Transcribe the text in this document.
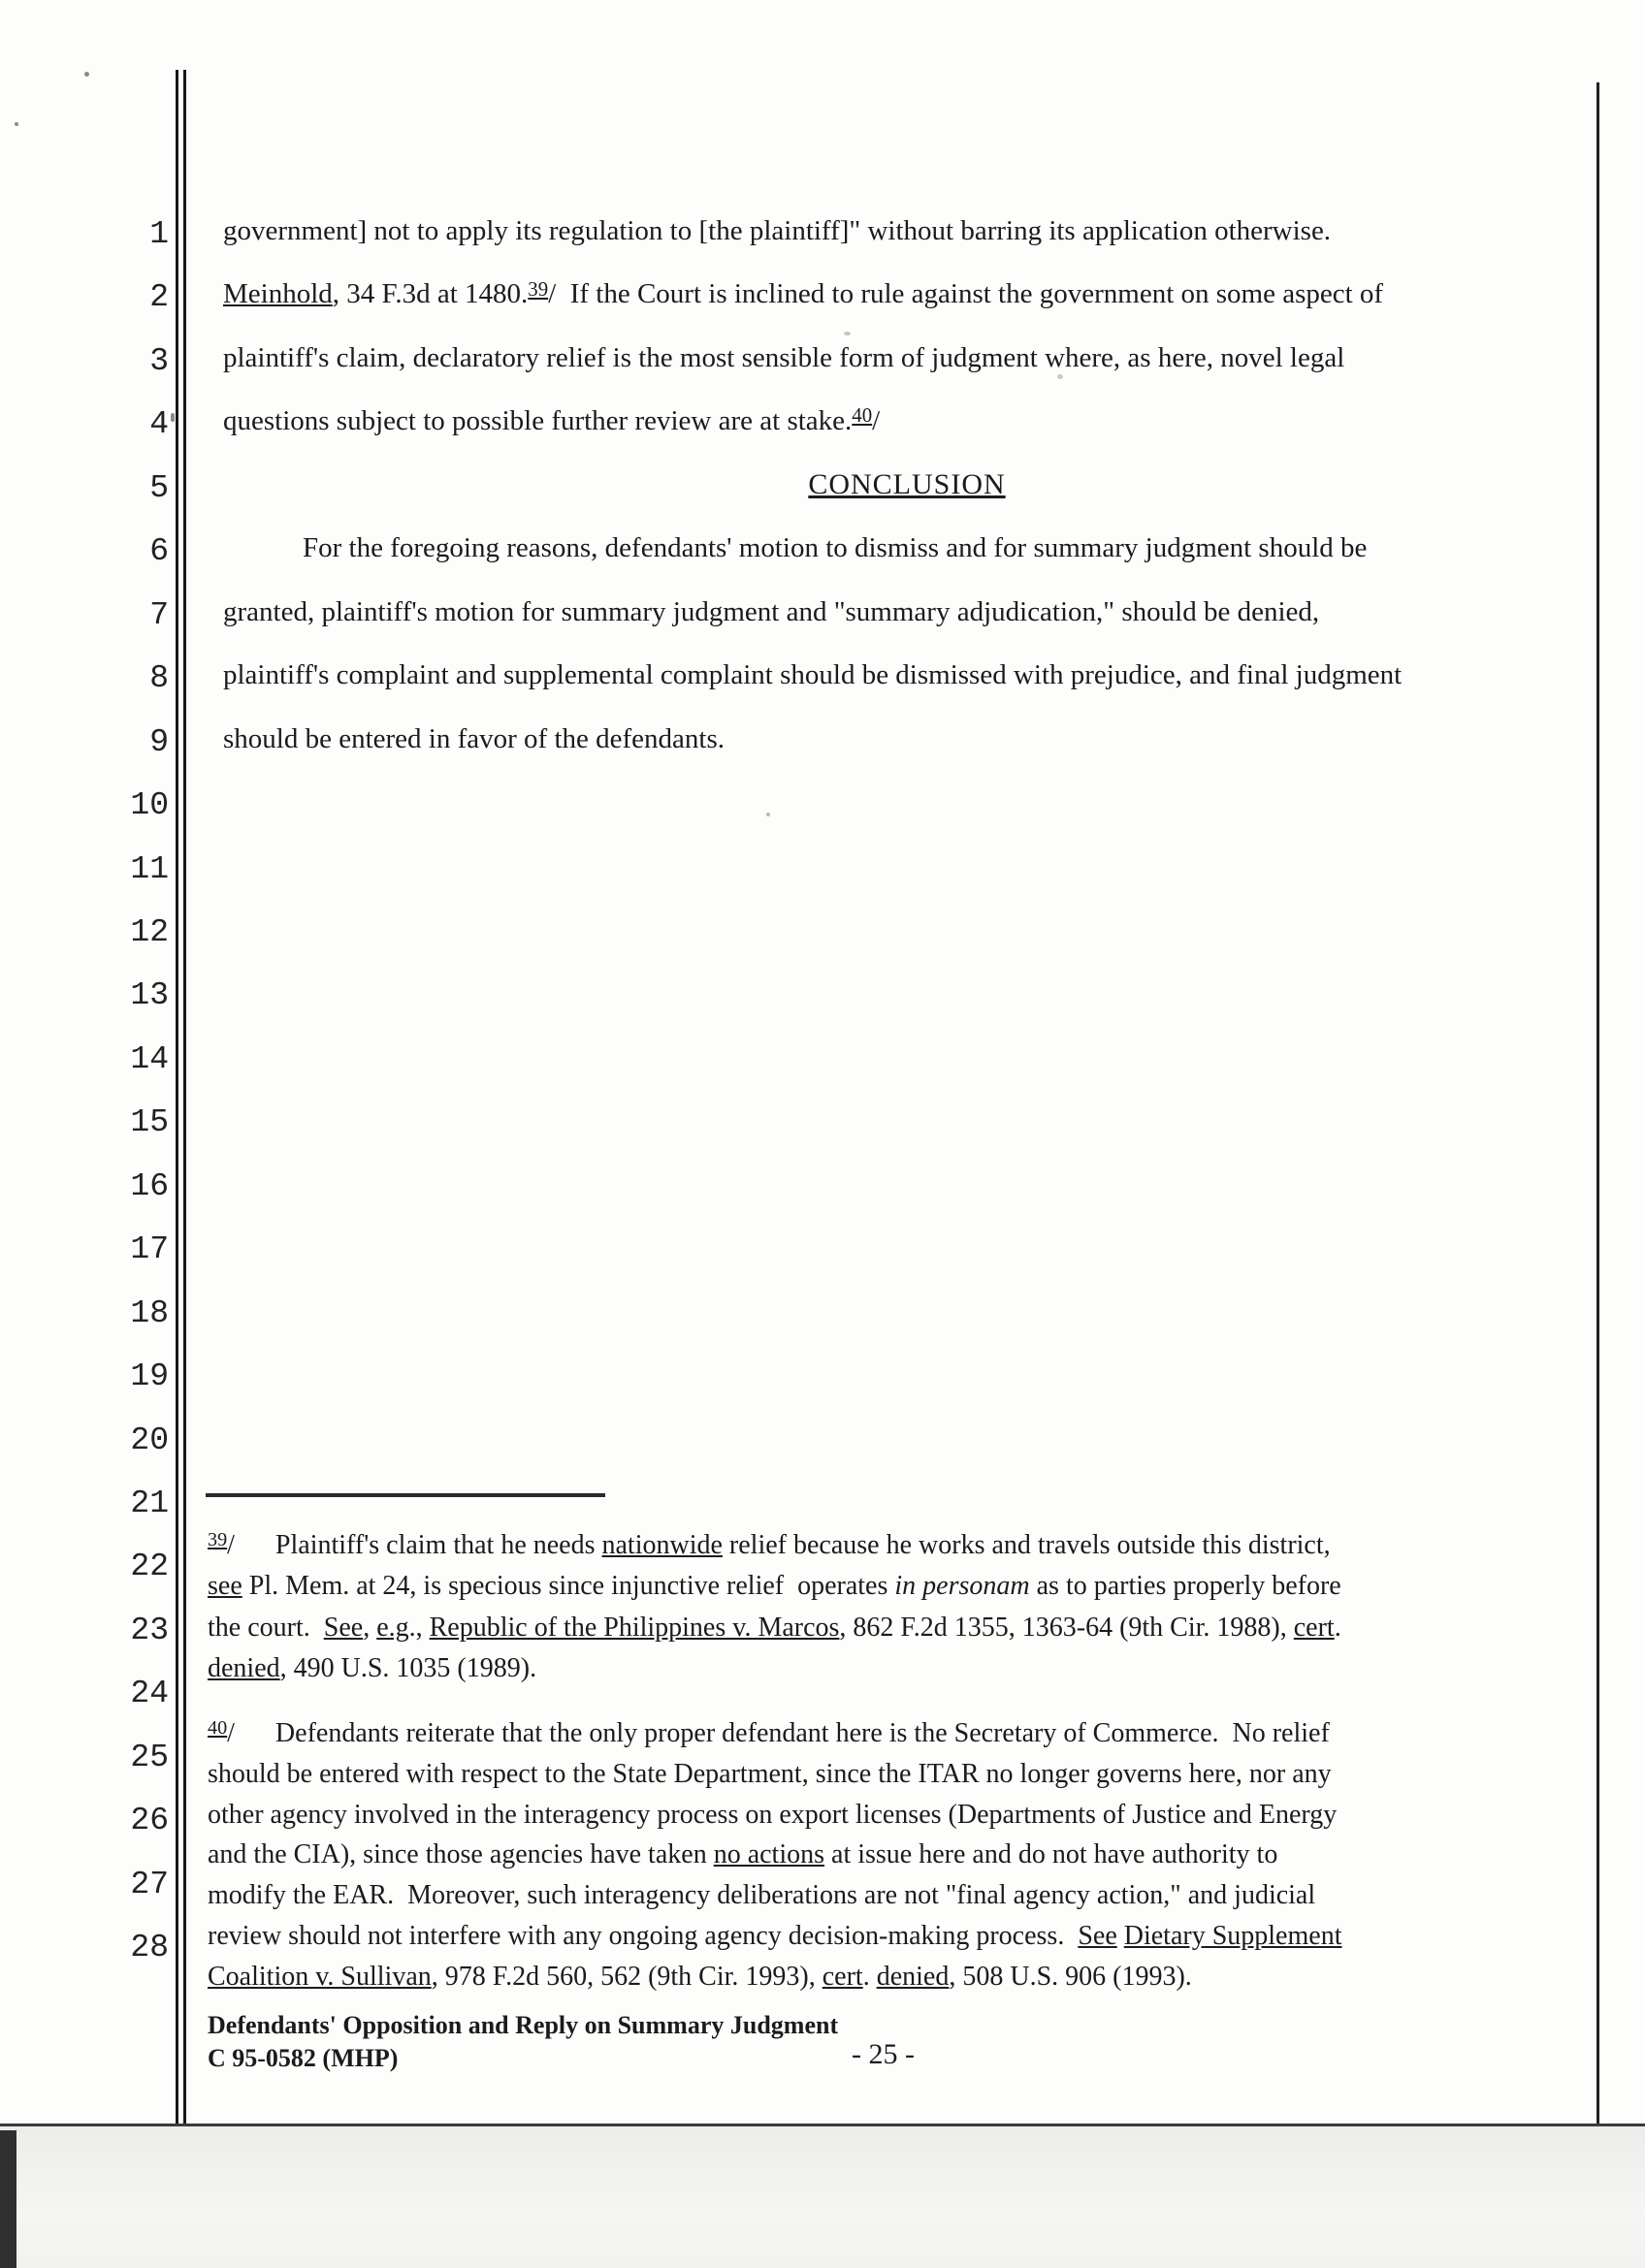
1
2
3
4
5
6
7
8
9
10
11
12
13
14
15
16
17
18
19
20
21
22
23
24
25
26
27
28
government] not to apply its regulation to [the plaintiff]" without barring its application otherwise.
Meinhold, 34 F.3d at 1480.39/  If the Court is inclined to rule against the government on some aspect of
plaintiff's claim, declaratory relief is the most sensible form of judgment where, as here, novel legal
questions subject to possible further review are at stake.$^{40}$/
CONCLUSION
For the foregoing reasons, defendants' motion to dismiss and for summary judgment should be
granted, plaintiff's motion for summary judgment and "summary adjudication," should be denied,
plaintiff's complaint and supplemental complaint should be dismissed with prejudice, and final judgment
should be entered in favor of the defendants.
$^{39}$/      Plaintiff's claim that he needs nationwide relief because he works and travels outside this district,
see Pl. Mem. at 24, is specious since injunctive relief  operates in personam as to parties properly before
the court.  See, e.g., Republic of the Philippines v. Marcos, 862 F.2d 1355, 1363-64 (9th Cir. 1988), cert.
denied, 490 U.S. 1035 (1989).
$^{40}$/      Defendants reiterate that the only proper defendant here is the Secretary of Commerce.  No relief
should be entered with respect to the State Department, since the ITAR no longer governs here, nor any
other agency involved in the interagency process on export licenses (Departments of Justice and Energy
and the CIA), since those agencies have taken no actions at issue here and do not have authority to
modify the EAR.  Moreover, such interagency deliberations are not "final agency action," and judicial
review should not interfere with any ongoing agency decision-making process.  See Dietary Supplement
Coalition v. Sullivan, 978 F.2d 560, 562 (9th Cir. 1993), cert. denied, 508 U.S. 906 (1993).
Defendants' Opposition and Reply on Summary Judgment
C 95-0582 (MHP)	- 25 -
